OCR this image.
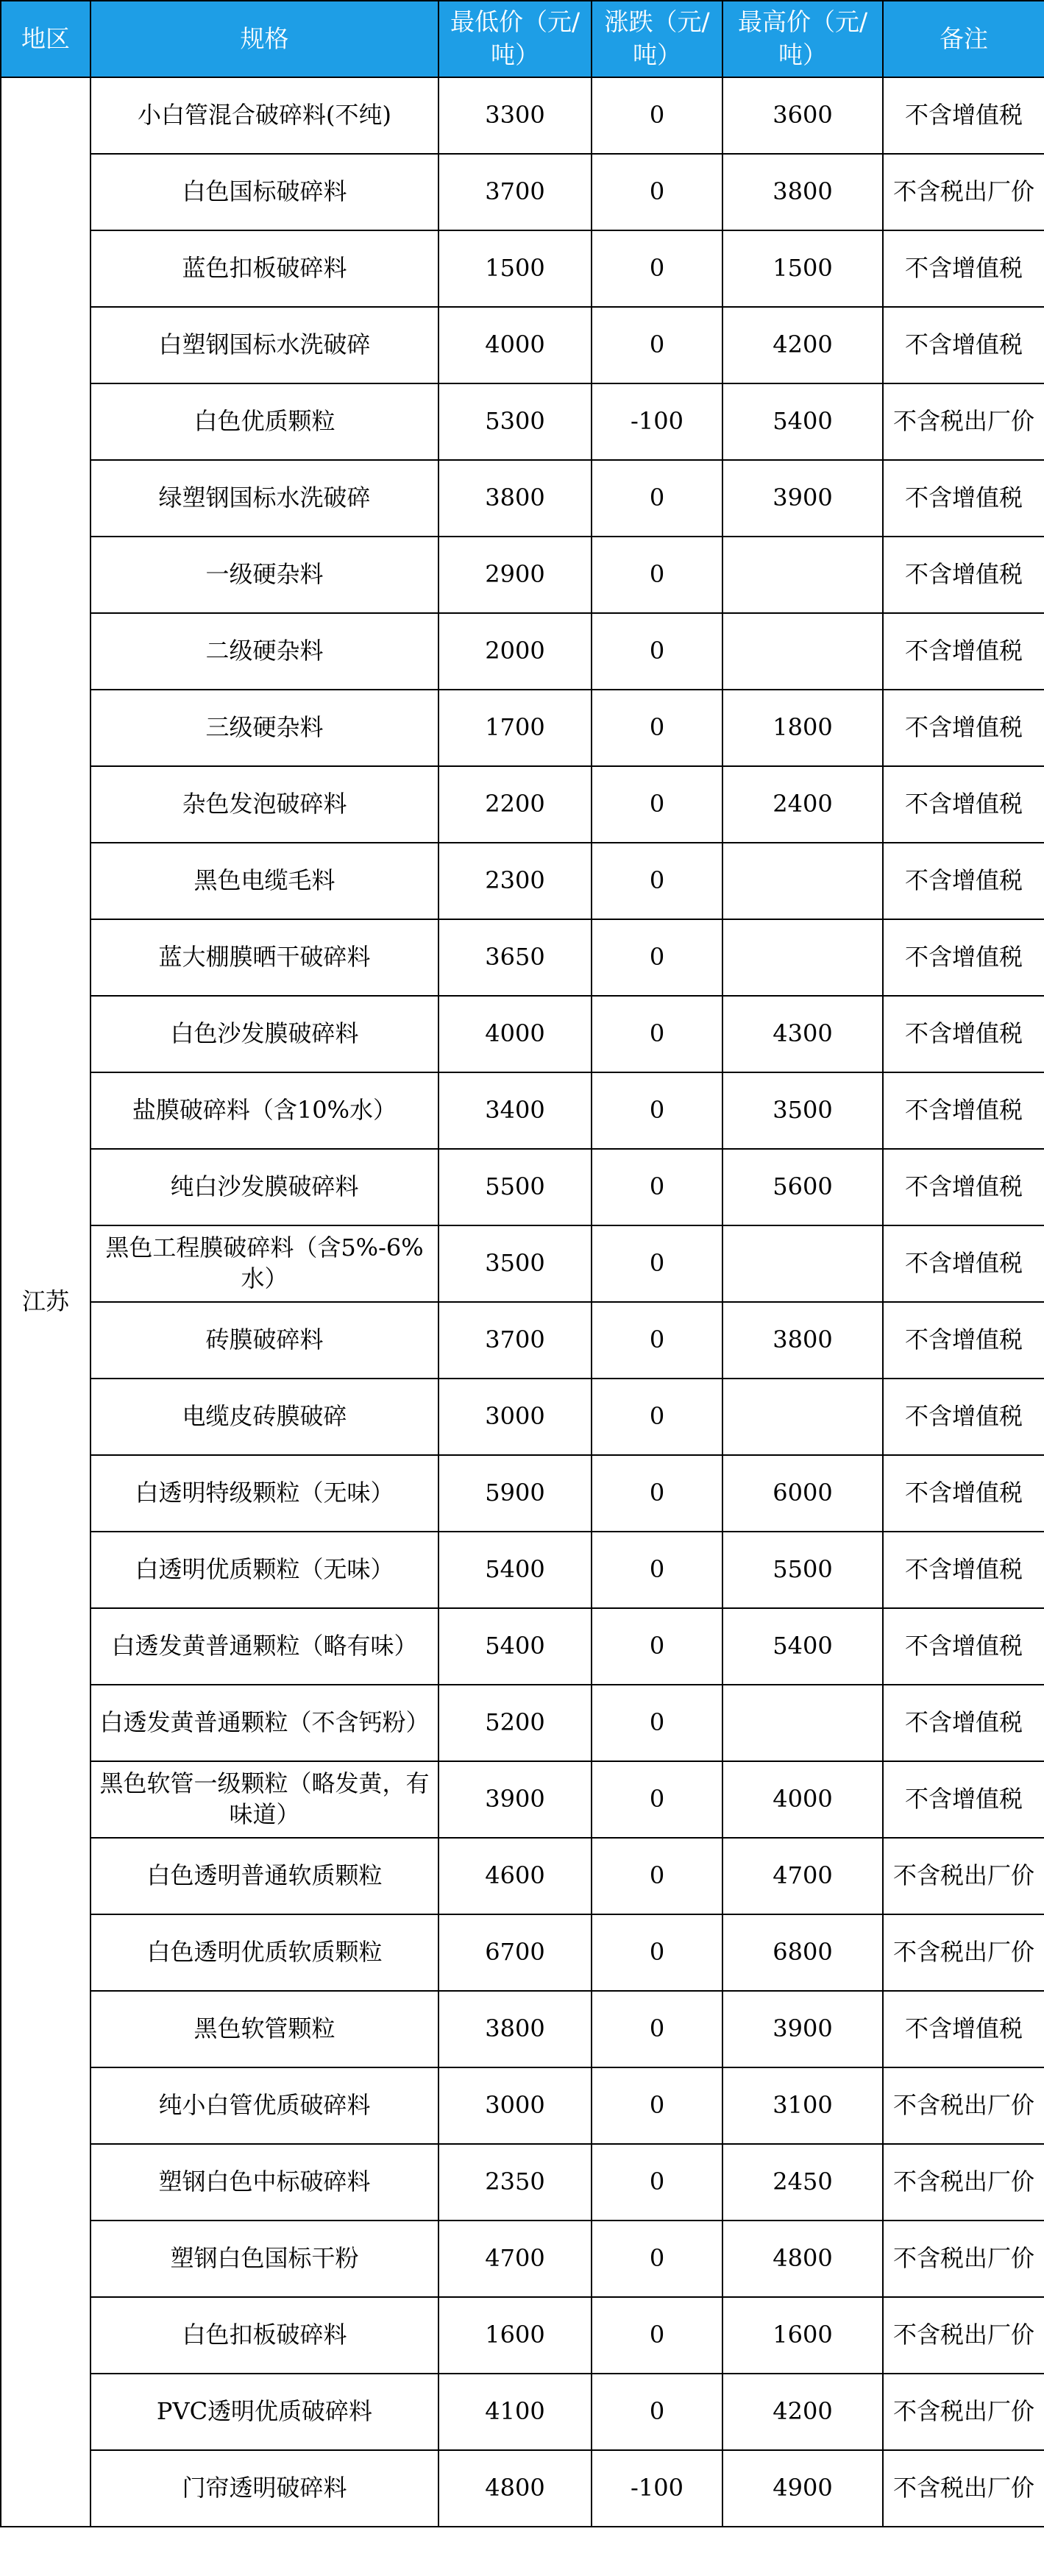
地区	规格	最低价（元/吨）	涨跌（元/吨）	最高价（元/吨）	备注
江苏	小白管混合破碎料(不纯)	3300	0	3600	不含增值税
	白色国标破碎料	3700	0	3800	不含税出厂价
	蓝色扣板破碎料	1500	0	1500	不含增值税
	白塑钢国标水洗破碎	4000	0	4200	不含增值税
	白色优质颗粒	5300	-100	5400	不含税出厂价
	绿塑钢国标水洗破碎	3800	0	3900	不含增值税
	一级硬杂料	2900	0		不含增值税
	二级硬杂料	2000	0		不含增值税
	三级硬杂料	1700	0	1800	不含增值税
	杂色发泡破碎料	2200	0	2400	不含增值税
	黑色电缆毛料	2300	0		不含增值税
	蓝大棚膜晒干破碎料	3650	0		不含增值税
	白色沙发膜破碎料	4000	0	4300	不含增值税
	盐膜破碎料（含10%水）	3400	0	3500	不含增值税
	纯白沙发膜破碎料	5500	0	5600	不含增值税
	黑色工程膜破碎料（含5%-6%水）	3500	0		不含增值税
	砖膜破碎料	3700	0	3800	不含增值税
	电缆皮砖膜破碎	3000	0		不含增值税
	白透明特级颗粒（无味）	5900	0	6000	不含增值税
	白透明优质颗粒（无味）	5400	0	5500	不含增值税
	白透发黄普通颗粒（略有味）	5400	0	5400	不含增值税
	白透发黄普通颗粒（不含钙粉）	5200	0		不含增值税
	黑色软管一级颗粒（略发黄，有味道）	3900	0	4000	不含增值税
	白色透明普通软质颗粒	4600	0	4700	不含税出厂价
	白色透明优质软质颗粒	6700	0	6800	不含税出厂价
	黑色软管颗粒	3800	0	3900	不含增值税
	纯小白管优质破碎料	3000	0	3100	不含税出厂价
	塑钢白色中标破碎料	2350	0	2450	不含税出厂价
	塑钢白色国标干粉	4700	0	4800	不含税出厂价
	白色扣板破碎料	1600	0	1600	不含税出厂价
	PVC透明优质破碎料	4100	0	4200	不含税出厂价
	门帘透明破碎料	4800	-100	4900	不含税出厂价
